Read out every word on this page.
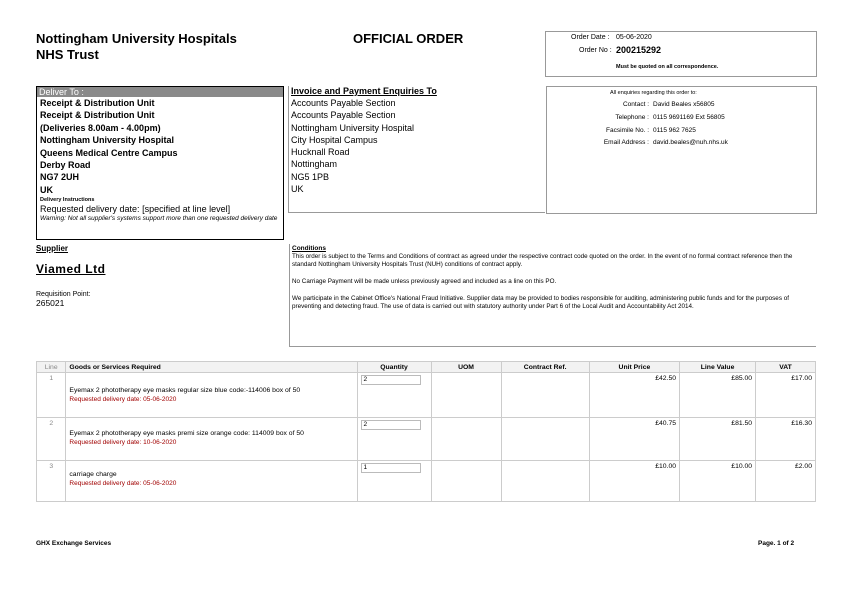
Nottingham University Hospitals
NHS Trust
OFFICIAL ORDER	Order Date : 05-06-2020
Order No : 200215292
Must be quoted on all correspondence.
Deliver To :
Receipt & Distribution Unit
Receipt & Distribution Unit
(Deliveries 8.00am - 4.00pm)
Nottingham University Hospital
Queens Medical Centre Campus
Derby Road
NG7 2UH
UK
Delivery Instructions
Requested delivery date: [specified at line level]
Warning: Not all supplier's systems support more than one requested delivery date
Invoice and Payment Enquiries To
Accounts Payable Section
Accounts Payable Section
Nottingham University Hospital
City Hospital Campus
Hucknall Road
Nottingham
NG5 1PB
UK
All enquiries regarding this order to:
Contact : David Beales x56805
Telephone : 0115 9691169 Ext 56805
Facsimile No. : 0115 962 7625
Email Address : david.beales@nuh.nhs.uk
Supplier
Viamed Ltd
Requisition Point:
265021
Conditions

This order is subject to the Terms and Conditions of contract as agreed under the respective contract code quoted on the order. In the event of no formal contract reference then the standard Nottingham University Hospitals Trust (NUH) conditions of contract apply.

No Carriage Payment will be made unless previously agreed and included as a line on this PO.

We participate in the Cabinet Office's National Fraud Initiative. Supplier data may be provided to bodies responsible for auditing, administering public funds and for the purposes of preventing and detecting fraud. The use of data is carried out with statutory authority under Part 6 of the Local Audit and Accountability Act 2014.

Line	Goods or Services Required	Quantity	UOM	Contract Ref.	Unit Price	Line Value	VAT
1	Eyemax 2 phototherapy eye masks regular size blue code:-114006 box of 50
Requested delivery date: 05-06-2020	2			£42.50	£85.00	£17.00
2	Eyemax 2 phototherapy eye masks premi size orange code: 114009 box of 50
Requested delivery date: 10-06-2020	2			£40.75	£81.50	£16.30
3	carriage charge
Requested delivery date: 05-06-2020	1			£10.00	£10.00	£2.00
GHX Exchange Services	Page. 1 of 2
